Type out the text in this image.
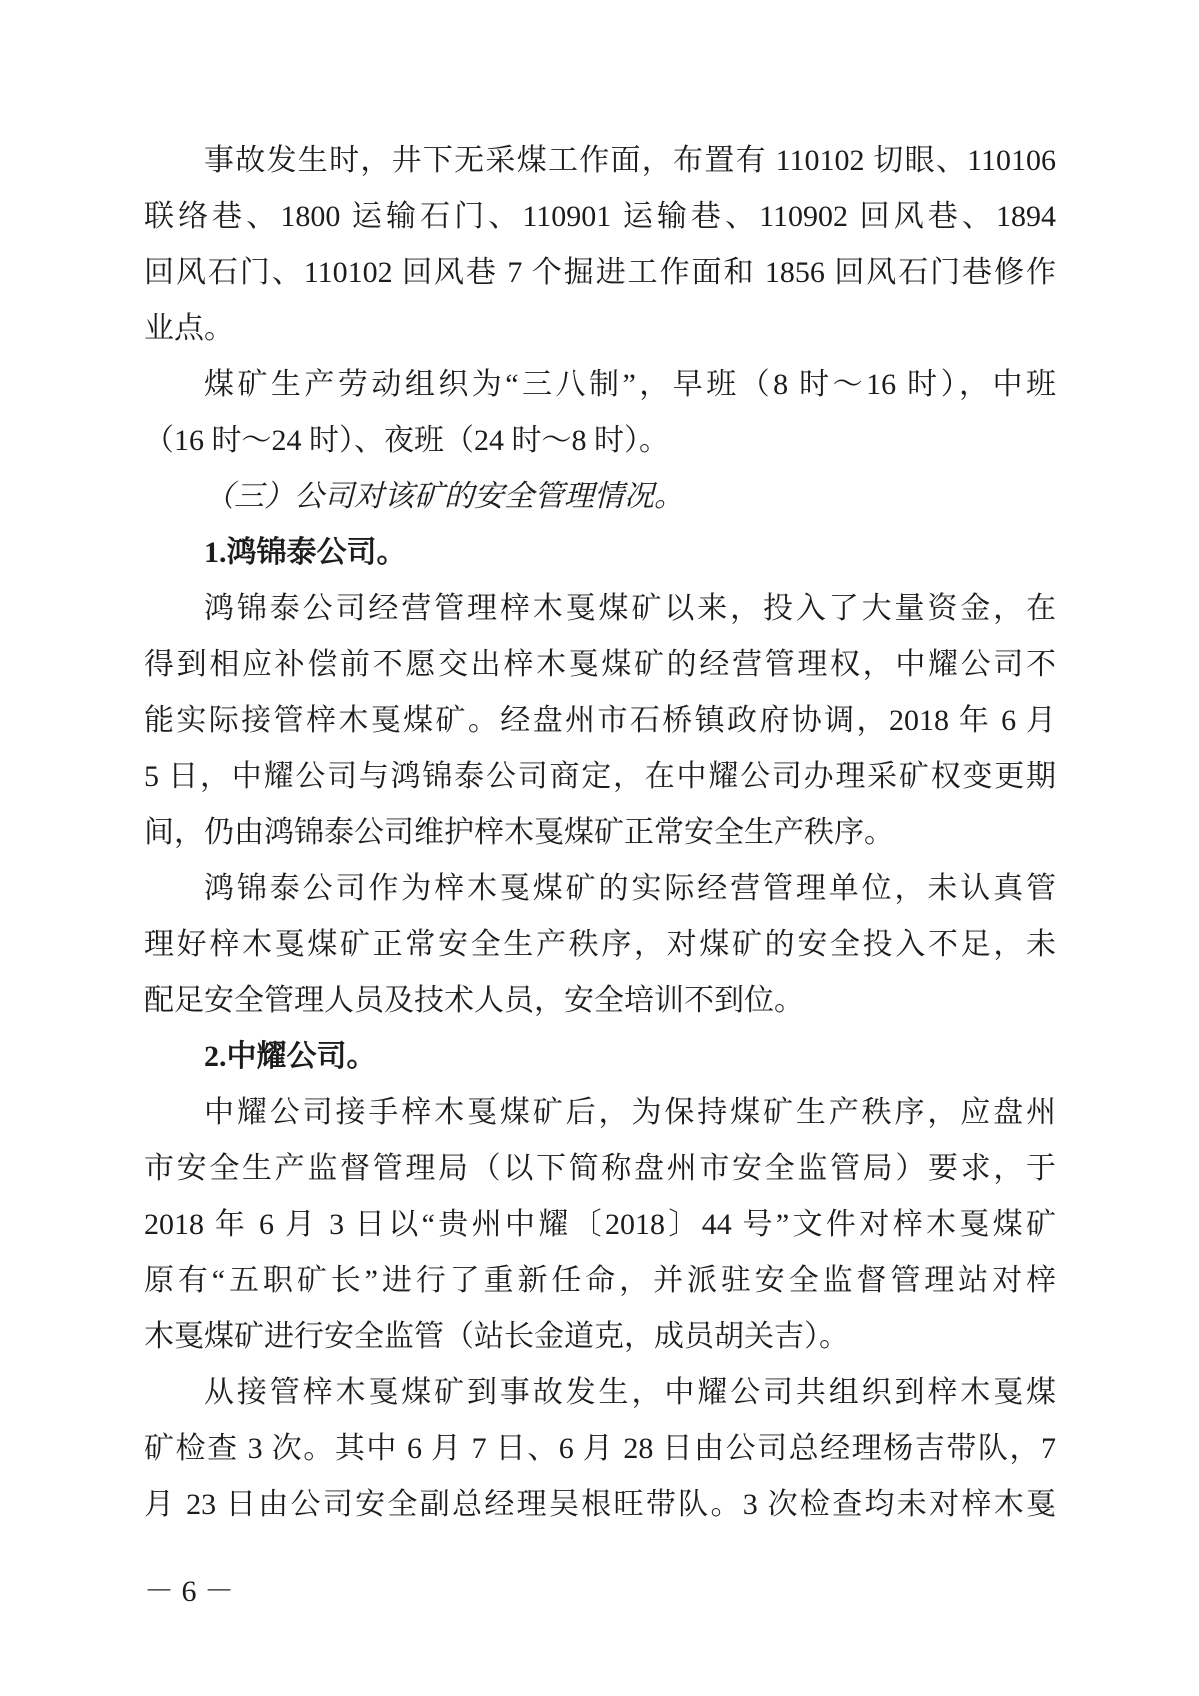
事故发生时，井下无采煤工作面，布置有 110102 切眼、110106
联络巷、1800 运输石门、110901 运输巷、110902 回风巷、1894
回风石门、110102 回风巷 7 个掘进工作面和 1856 回风石门巷修作
业点。
煤矿生产劳动组织为“三八制”，早班（8 时～16 时），中班
（16 时～24 时）、夜班（24 时～8 时）。
（三）公司对该矿的安全管理情况。
1.鸿锦泰公司。
鸿锦泰公司经营管理梓木戛煤矿以来，投入了大量资金，在
得到相应补偿前不愿交出梓木戛煤矿的经营管理权，中耀公司不
能实际接管梓木戛煤矿。经盘州市石桥镇政府协调，2018 年 6 月
5 日，中耀公司与鸿锦泰公司商定，在中耀公司办理采矿权变更期
间，仍由鸿锦泰公司维护梓木戛煤矿正常安全生产秩序。
鸿锦泰公司作为梓木戛煤矿的实际经营管理单位，未认真管
理好梓木戛煤矿正常安全生产秩序，对煤矿的安全投入不足，未
配足安全管理人员及技术人员，安全培训不到位。
2.中耀公司。
中耀公司接手梓木戛煤矿后，为保持煤矿生产秩序，应盘州
市安全生产监督管理局（以下简称盘州市安全监管局）要求，于
2018 年 6 月 3 日以“贵州中耀〔2018〕44 号”文件对梓木戛煤矿
原有“五职矿长”进行了重新任命，并派驻安全监督管理站对梓
木戛煤矿进行安全监管（站长金道克，成员胡关吉）。
从接管梓木戛煤矿到事故发生，中耀公司共组织到梓木戛煤
矿检查 3 次。其中 6 月 7 日、6 月 28 日由公司总经理杨吉带队，7
月 23 日由公司安全副总经理吴根旺带队。3 次检查均未对梓木戛
－ 6 －
